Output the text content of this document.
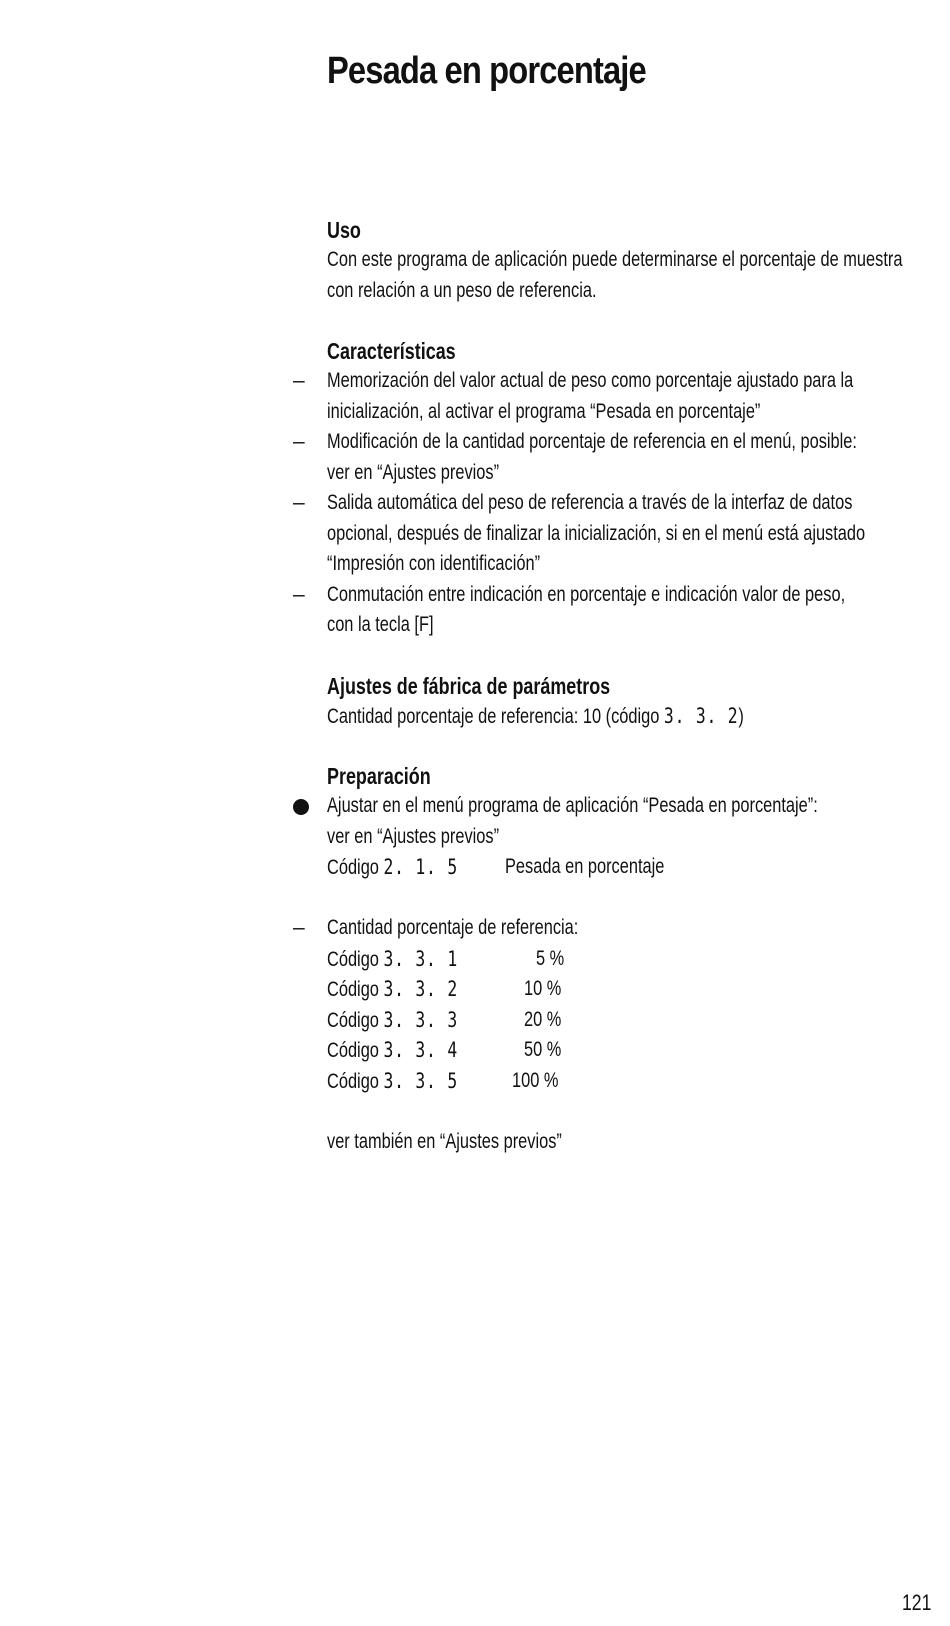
Pesada en porcentaje
Uso
Con este programa de aplicación puede determinarse el porcentaje de muestra
con relación a un peso de referencia.
Características
– Memorización del valor actual de peso como porcentaje ajustado para la
inicialización, al activar el programa “Pesada en porcentaje”
– Modificación de la cantidad porcentaje de referencia en el menú, posible:
ver en “Ajustes previos”
– Salida automática del peso de referencia a través de la interfaz de datos
opcional, después de finalizar la inicialización, si en el menú está ajustado
“Impresión con identificación”
– Conmutación entre indicación en porcentaje e indicación valor de peso,
con la tecla [F]
Ajustes de fábrica de parámetros
Cantidad porcentaje de referencia: 10 (código 3. 3. 2)
Preparación
Ajustar en el menú programa de aplicación “Pesada en porcentaje”:
ver en “Ajustes previos”
Código 2. 1. 5	Pesada en porcentaje
– Cantidad porcentaje de referencia:
Código 3. 3. 1	5 %
Código 3. 3. 2	10 %
Código 3. 3. 3	20 %
Código 3. 3. 4	50 %
Código 3. 3. 5	100 %
ver también en “Ajustes previos”
121
